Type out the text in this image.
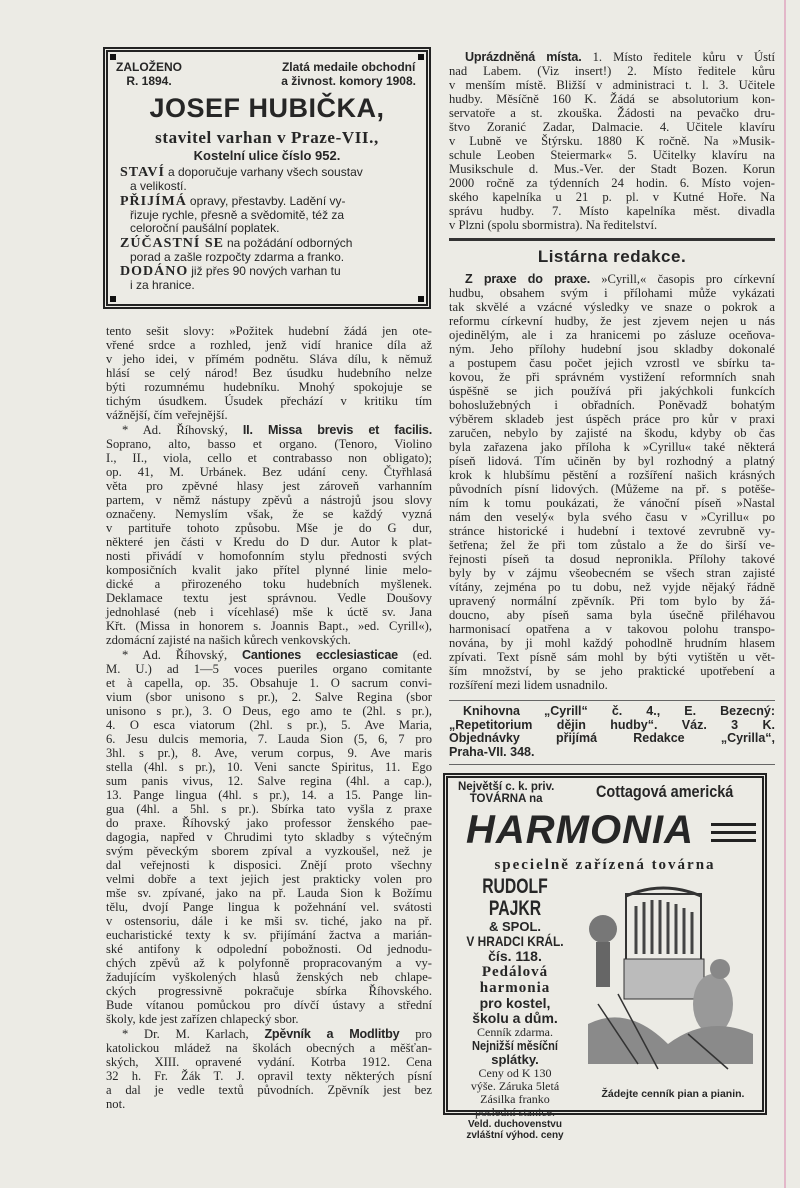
ZALOŽENO
R. 1894.
Zlatá medaile obchodní
a živnost. komory 1908.
JOSEF HUBIČKA,
stavitel varhan v Praze-VII.,
Kostelní ulice číslo 952.
STAVÍ a doporučuje varhany všech soustav
a velikostí.
PŘIJÍMÁ opravy, přestavby. Ladění vy-
řizuje rychle, přesně a svědomitě, též za
celoroční paušální poplatek.
ZÚČASTNÍ SE na požádání odborných
porad a zašle rozpočty zdarma a franko.
DODÁNO již přes 90 nových varhan tu
i za hranice.
tento sešit slovy: »Požitek hudební žádá jen ote-
vřené srdce a rozhled, jenž vidí hranice díla až
v jeho idei, v přímém podnětu. Sláva dílu, k němuž
hlásí se celý národ! Bez úsudku hudebního nelze
býti rozumnému hudebníku. Mnohý spokojuje se
tichým úsudkem. Úsudek přechází v kritiku tím
vážnější, čím veřejnější.
* Ad. Říhovský, II. Missa brevis et facilis.
Soprano, alto, basso et organo. (Tenoro, Violino
I., II., viola, cello et contrabasso non obligato);
op. 41, M. Urbánek. Bez udání ceny. Čtyřhlasá
věta pro zpěvné hlasy jest zároveň varhanním
partem, v němž nástupy zpěvů a nástrojů jsou slovy
označeny. Nemyslím však, že se každý vyzná
v partituře tohoto způsobu. Mše je do G dur,
některé jen části v Kredu do D dur. Autor k plat-
nosti přivádí v homofonním stylu přednosti svých
komposičních kvalit jako přítel plynné linie melo-
dické a přirozeného toku hudebních myšlenek.
Deklamace textu jest správnou. Vedle Doušovy
jednohlasé (neb i vícehlasé) mše k úctě sv. Jana
Křt. (Missa in honorem s. Joannis Bapt., »ed. Cyrill«),
zdomácní zajisté na našich kůrech venkovských.
* Ad. Říhovský, Cantiones ecclesiasticae (ed.
M. U.) ad 1—5 voces pueriles organo comitante
et à capella, op. 35. Obsahuje 1. O sacrum convi-
vium (sbor unisono s pr.), 2. Salve Regina (sbor
unisono s pr.), 3. O Deus, ego amo te (2hl. s pr.),
4. O esca viatorum (2hl. s pr.), 5. Ave Maria,
6. Jesu dulcis memoria, 7. Lauda Sion (5, 6, 7 pro
3hl. s pr.), 8. Ave, verum corpus, 9. Ave maris
stella (4hl. s pr.), 10. Veni sancte Spiritus, 11. Ego
sum panis vivus, 12. Salve regina (4hl. a cap.),
13. Pange lingua (4hl. s pr.), 14. a 15. Pange lin-
gua (4hl. a 5hl. s pr.). Sbírka tato vyšla z praxe
do praxe. Říhovský jako professor ženského pae-
dagogia, napřed v Chrudimi tyto skladby s výtečným
svým pěveckým sborem zpíval a vyzkoušel, než je
dal veřejnosti k disposici. Znějí proto všechny
velmi dobře a text jejich jest prakticky volen pro
mše sv. zpívané, jako na př. Lauda Sion k Božímu
tělu, dvojí Pange lingua k požehnání vel. svátosti
v ostensoriu, dále i ke mši sv. tiché, jako na př.
eucharistické texty k sv. přijímání žactva a marián-
ské antifony k odpolední pobožnosti. Od jednodu-
chých zpěvů až k polyfonně propracovaným a vy-
žadujícím vyškolených hlasů ženských neb chlape-
ckých progressivně pokračuje sbírka Říhovského.
Bude vítanou pomůckou pro dívčí ústavy a střední
školy, kde jest zařízen chlapecký sbor.
* Dr. M. Karlach, Zpěvník a Modlitby pro
katolickou mládež na školách obecných a měšťan-
ských, XIII. opravené vydání. Kotrba 1912. Cena
32 h. Fr. Žák T. J. opravil texty některých písní
a dal je vedle textů původních. Zpěvník jest bez
not.
Uprázdněná místa. 1. Místo ředitele kůru v Ústí
nad Labem. (Viz insert!) 2. Místo ředitele kůru
v menším místě. Bližší v administraci t. l. 3. Učitele
hudby. Měsíčně 160 K. Žádá se absolutorium kon-
servatoře a st. zkouška. Žádosti na pevačko dru-
štvo Zoranić Zadar, Dalmacie. 4. Učitele klavíru
v Lubně ve Štýrsku. 1880 K ročně. Na »Musik-
schule Leoben Steiermark« 5. Učitelky klavíru na
Musikschule d. Mus.-Ver. der Stadt Bozen. Korun
2000 ročně za týdenních 24 hodin. 6. Místo vojen-
ského kapelníka u 21 p. pl. v Kutné Hoře. Na
správu hudby. 7. Místo kapelníka měst. divadla
v Plzni (spolu sbormistra). Na ředitelství.
Listárna redakce.
Z praxe do praxe. »Cyrill,« časopis pro církevní
hudbu, obsahem svým i přílohami může vykázati
tak skvělé a vzácné výsledky ve snaze o pokrok a
reformu církevní hudby, že jest zjevem nejen u nás
ojedinělým, ale i za hranicemi po zásluze oceňova-
ným. Jeho přílohy hudební jsou skladby dokonalé
a postupem času počet jejich vzrostl ve sbírku ta-
kovou, že při správném vystižení reformních snah
úspěšně se jich používá při jakýchkoli funkcích
bohoslužebných i obřadních. Poněvadž bohatým
výběrem skladeb jest úspěch práce pro kůr v praxi
zaručen, nebylo by zajisté na škodu, kdyby ob čas
byla zařazena jako příloha k »Cyrillu« také některá
píseň lidová. Tím učiněn by byl rozhodný a platný
krok k hlubšímu pěstění a rozšíření našich krásných
původních písní lidových. (Můžeme na př. s potěše-
ním k tomu poukázati, že vánoční píseň »Nastal
nám den veselý« byla svého času v »Cyrillu« po
stránce historické i hudební i textové zevrubně vy-
šetřena; žel že při tom zůstalo a že do širší ve-
řejnosti píseň ta dosud nepronikla. Přílohy takové
byly by v zájmu všeobecném se všech stran zajisté
vítány, zejména po tu dobu, než vyjde nějaký řádně
upravený normální zpěvník. Při tom bylo by žá-
doucno, aby píseň sama byla úsečně přiléhavou
harmonisací opatřena a v takovou polohu transpo-
nována, by ji mohl každý pohodlně hrudním hlasem
zpívati. Text písně sám mohl by býti vytištěn u vět-
ším množství, by se jeho praktické upotřebení a
rozšíření mezi lidem usnadnilo.
Knihovna „Cyrill“ č. 4., E. Bezecný:
„Repetitorium dějin hudby“. Váz. 3 K.
Objednávky přijímá Redakce „Cyrilla“,
Praha-VII. 348.
Největší c. k. priv.
TOVÁRNA na	Cottagová americká
HARMONIA
specielně zařízená továrna
RUDOLF PAJKR
& SPOL.
V HRADCI KRÁL.
čís. 118.
Pedálová
harmonia
pro kostel,
školu a dům.
Cenník zdarma.
Nejnižší měsíční
splátky.
Ceny od K 130
výše. Záruka 5letá
Zásilka franko
poslední stanice.
Veld. duchovenstvu
zvláštní výhod. ceny
Žádejte cenník pian a pianin.
